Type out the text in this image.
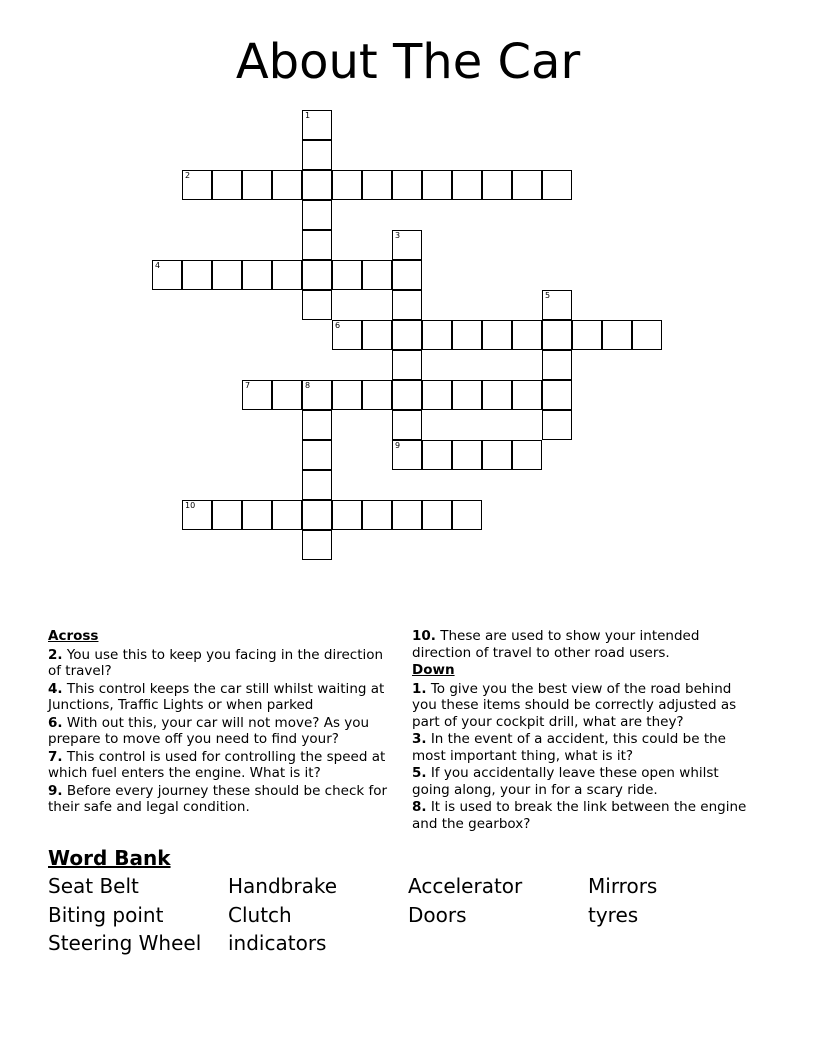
About The Car
1
2
3
4
5
6
7	8
9
10
Across
2. You use this to keep you facing in the direction of travel?
4. This control keeps the car still whilst waiting at Junctions, Traffic Lights or when parked
6. With out this, your car will not move? As you prepare to move off you need to find your?
7. This control is used for controlling the speed at which fuel enters the engine. What is it?
9. Before every journey these should be check for their safe and legal condition.
10. These are used to show your intended direction of travel to other road users.
Down
1. To give you the best view of the road behind you these items should be correctly adjusted as part of your cockpit drill, what are they?
3. In the event of a accident, this could be the most important thing, what is it?
5. If you accidentally leave these open whilst going along, your in for a scary ride.
8. It is used to break the link between the engine and the gearbox?
Word Bank
Seat Belt	Handbrake	Accelerator	Mirrors
Biting point	Clutch	Doors	tyres
Steering Wheel	indicators
